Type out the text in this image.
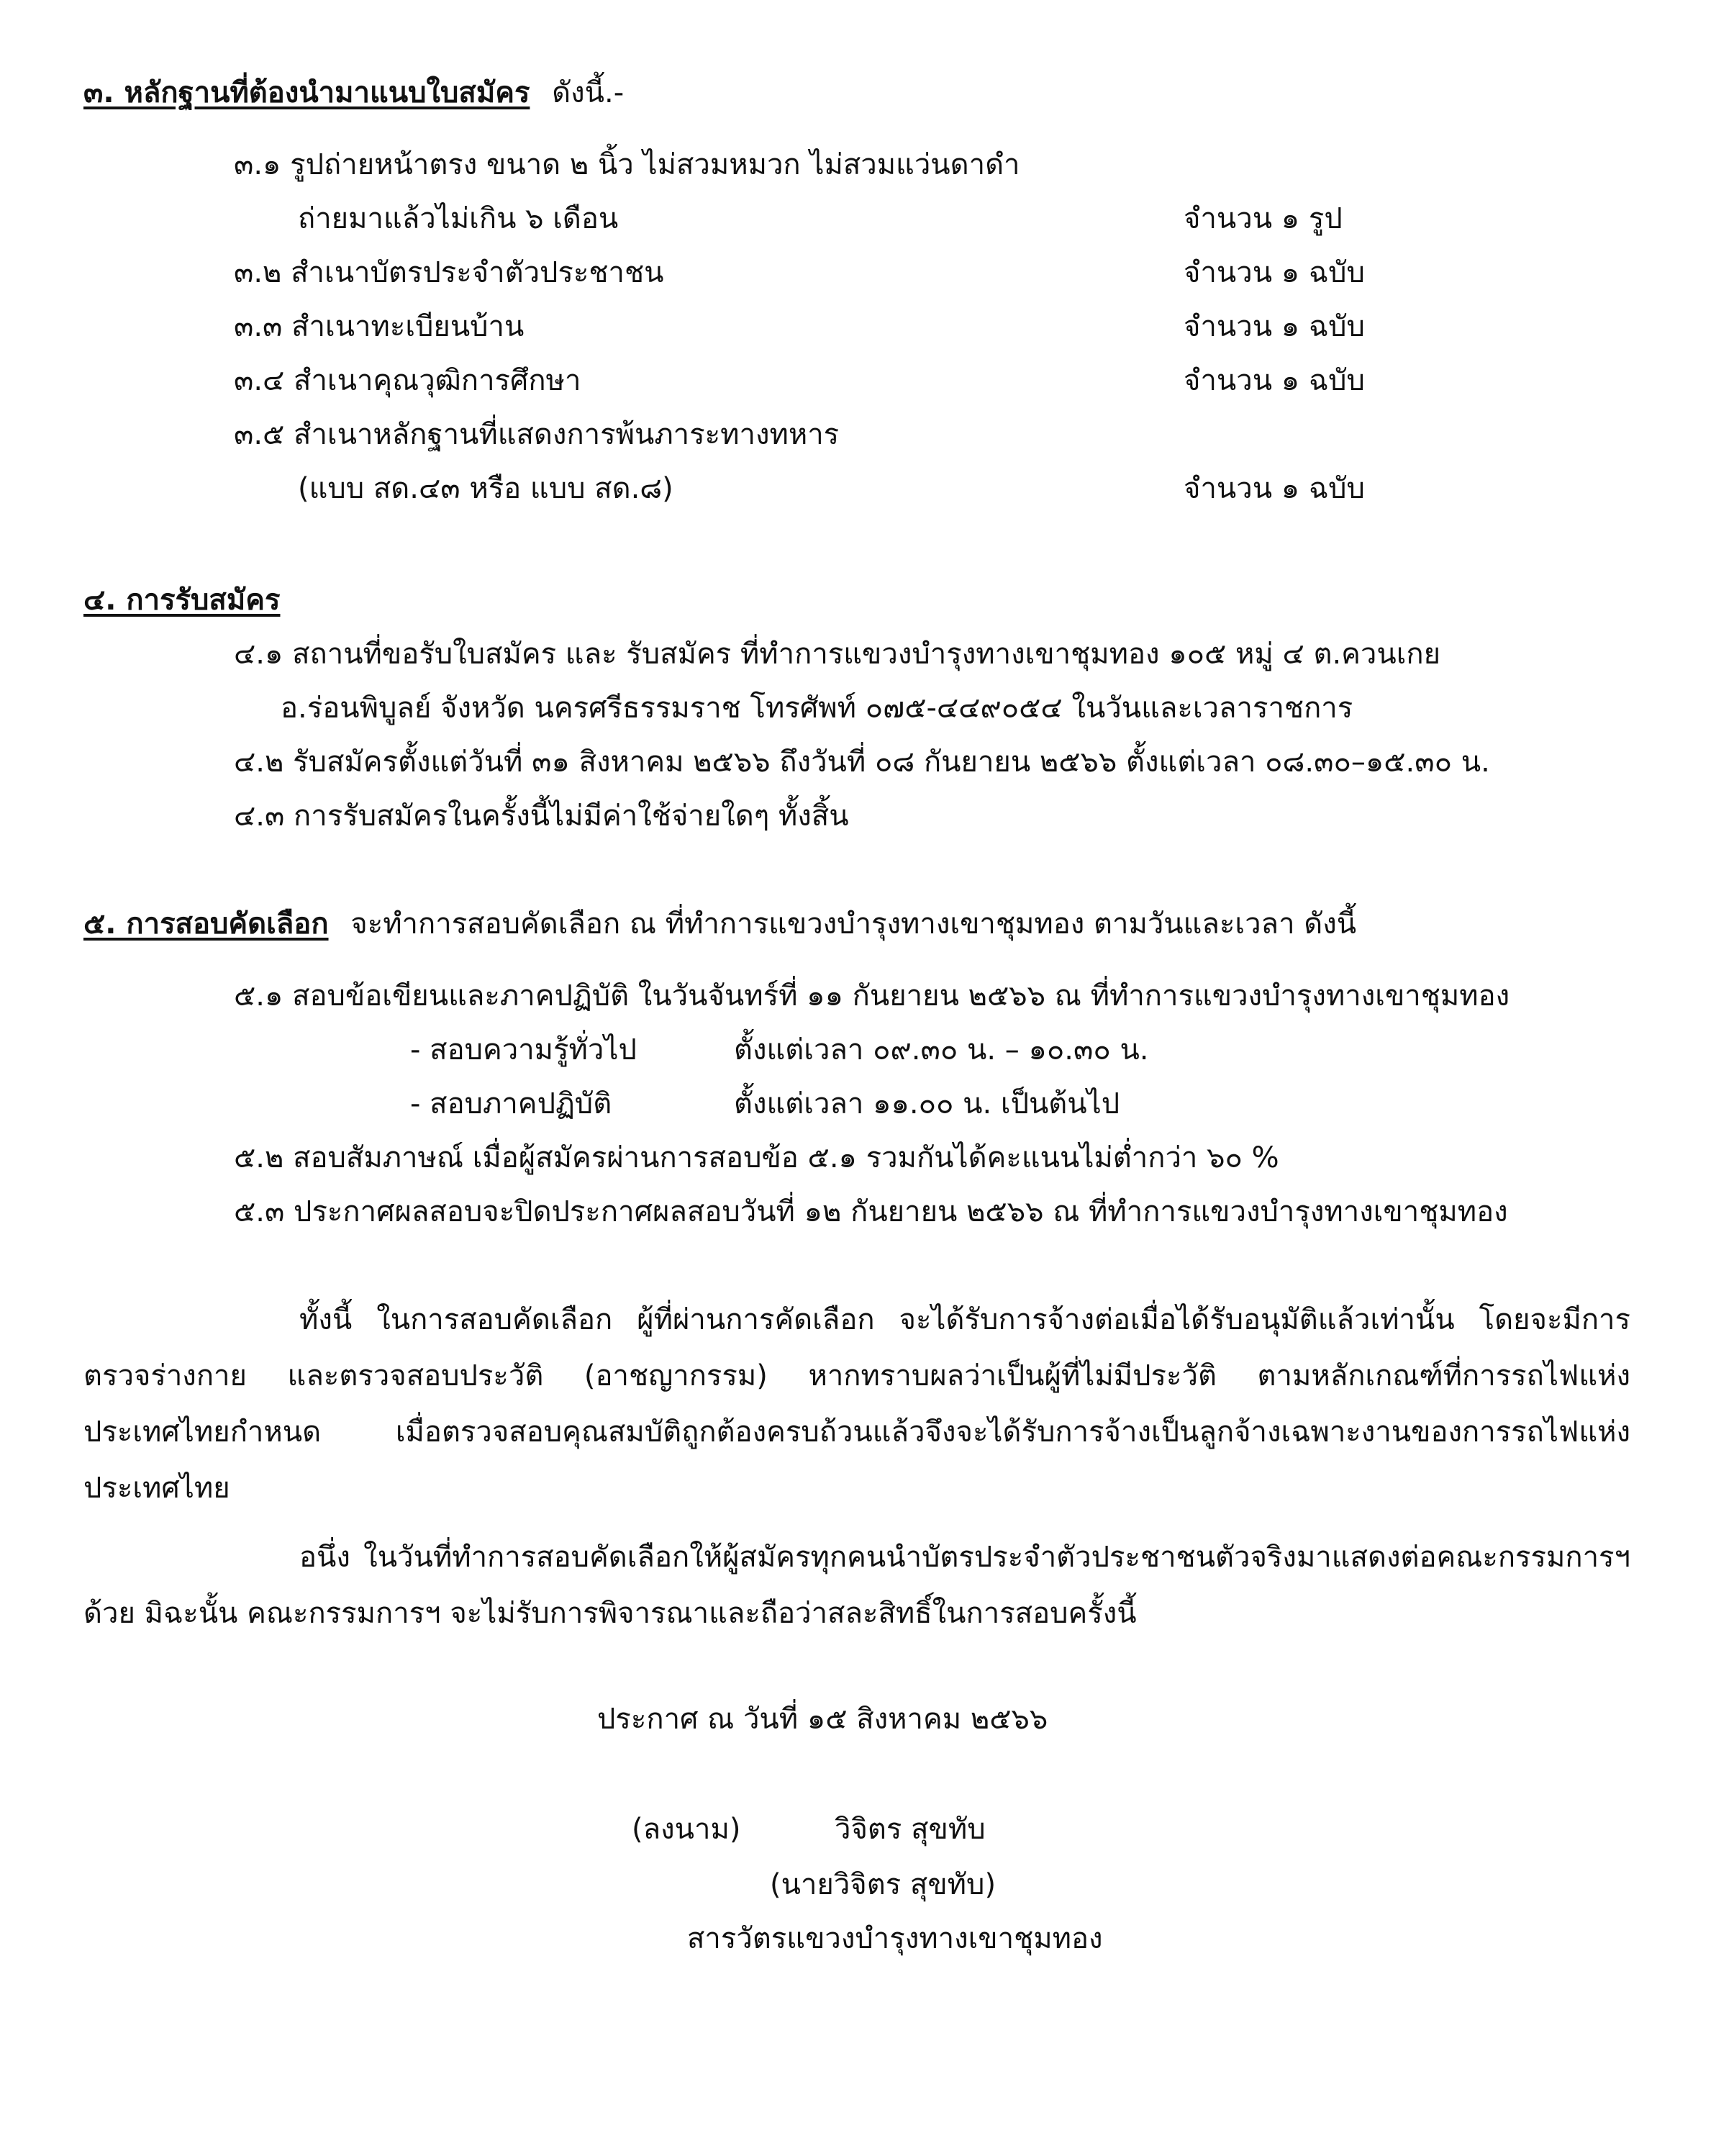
๓. หลักฐานที่ต้องนำมาแนบใบสมัคร ดังนี้.-
๓.๑ รูปถ่ายหน้าตรง ขนาด ๒ นิ้ว ไม่สวมหมวก ไม่สวมแว่นดาดำ
ถ่ายมาแล้วไม่เกิน ๖ เดือน	จำนวน ๑ รูป
๓.๒ สำเนาบัตรประจำตัวประชาชน	จำนวน ๑ ฉบับ
๓.๓ สำเนาทะเบียนบ้าน	จำนวน ๑ ฉบับ
๓.๔ สำเนาคุณวุฒิการศึกษา	จำนวน ๑ ฉบับ
๓.๕ สำเนาหลักฐานที่แสดงการพ้นภาระทางทหาร
(แบบ สด.๔๓ หรือ แบบ สด.๘)	จำนวน ๑ ฉบับ
๔. การรับสมัคร
๔.๑ สถานที่ขอรับใบสมัคร และ รับสมัคร ที่ทำการแขวงบำรุงทางเขาชุมทอง ๑๐๕ หมู่ ๔ ต.ควนเกย
อ.ร่อนพิบูลย์ จังหวัด นครศรีธรรมราช โทรศัพท์ ๐๗๕-๔๔๙๐๕๔ ในวันและเวลาราชการ
๔.๒ รับสมัครตั้งแต่วันที่ ๓๑ สิงหาคม ๒๕๖๖ ถึงวันที่ ๐๘ กันยายน ๒๕๖๖ ตั้งแต่เวลา ๐๘.๓๐–๑๕.๓๐ น.
๔.๓ การรับสมัครในครั้งนี้ไม่มีค่าใช้จ่ายใดๆ ทั้งสิ้น
๕. การสอบคัดเลือก จะทำการสอบคัดเลือก ณ ที่ทำการแขวงบำรุงทางเขาชุมทอง ตามวันและเวลา ดังนี้
๕.๑ สอบข้อเขียนและภาคปฏิบัติ ในวันจันทร์ที่ ๑๑ กันยายน ๒๕๖๖ ณ ที่ทำการแขวงบำรุงทางเขาชุมทอง
- สอบความรู้ทั่วไป	ตั้งแต่เวลา ๐๙.๓๐ น. – ๑๐.๓๐ น.
- สอบภาคปฏิบัติ	ตั้งแต่เวลา ๑๑.๐๐ น. เป็นต้นไป
๕.๒ สอบสัมภาษณ์ เมื่อผู้สมัครผ่านการสอบข้อ ๕.๑ รวมกันได้คะแนนไม่ต่ำกว่า ๖๐ %
๕.๓ ประกาศผลสอบจะปิดประกาศผลสอบวันที่ ๑๒ กันยายน ๒๕๖๖ ณ ที่ทำการแขวงบำรุงทางเขาชุมทอง
ทั้งนี้ ในการสอบคัดเลือก ผู้ที่ผ่านการคัดเลือก จะได้รับการจ้างต่อเมื่อได้รับอนุมัติแล้วเท่านั้น โดยจะมีการตรวจร่างกาย และตรวจสอบประวัติ (อาชญากรรม) หากทราบผลว่าเป็นผู้ที่ไม่มีประวัติ ตามหลักเกณฑ์ที่การรถไฟแห่งประเทศไทยกำหนด เมื่อตรวจสอบคุณสมบัติถูกต้องครบถ้วนแล้วจึงจะได้รับการจ้างเป็นลูกจ้างเฉพาะงานของการรถไฟแห่งประเทศไทย
อนึ่ง ในวันที่ทำการสอบคัดเลือกให้ผู้สมัครทุกคนนำบัตรประจำตัวประชาชนตัวจริงมาแสดงต่อคณะกรรมการฯด้วย มิฉะนั้น คณะกรรมการฯ จะไม่รับการพิจารณาและถือว่าสละสิทธิ์ในการสอบครั้งนี้
ประกาศ ณ วันที่ ๑๕ สิงหาคม ๒๕๖๖
(ลงนาม)	วิจิตร สุขทับ
(นายวิจิตร สุขทับ)
สารวัตรแขวงบำรุงทางเขาชุมทอง
